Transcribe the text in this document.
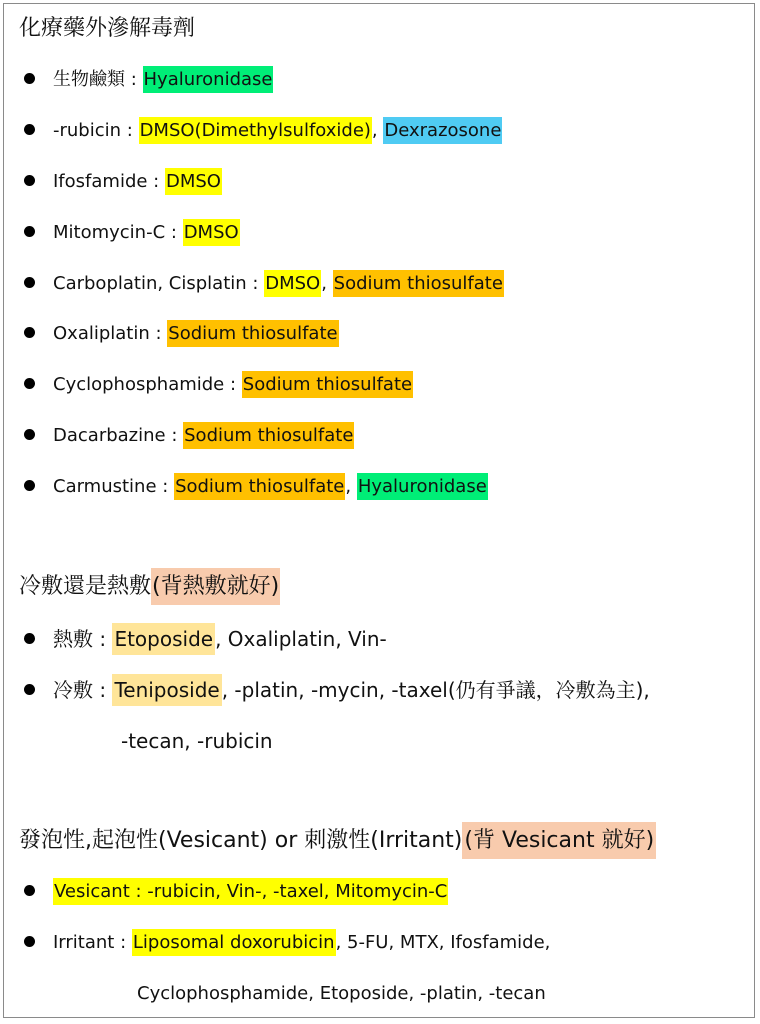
化療藥外滲解毒劑
生物鹼類 : Hyaluronidase
-rubicin : DMSO(Dimethylsulfoxide), Dexrazosone
Ifosfamide : DMSO
Mitomycin-C : DMSO
Carboplatin, Cisplatin : DMSO, Sodium thiosulfate
Oxaliplatin : Sodium thiosulfate
Cyclophosphamide : Sodium thiosulfate
Dacarbazine : Sodium thiosulfate
Carmustine : Sodium thiosulfate, Hyaluronidase
冷敷還是熱敷(背熱敷就好)
熱敷 : Etoposide , Oxaliplatin, Vin-
冷敷 : Teniposide , -platin, -mycin, -taxel(仍有爭議，冷敷為主),
-tecan, -rubicin
發泡性,起泡性(Vesicant) or 刺激性(Irritant)(背 Vesicant 就好)
Vesicant : -rubicin, Vin-, -taxel, Mitomycin-C
Irritant : Liposomal doxorubicin, 5-FU, MTX, Ifosfamide,
Cyclophosphamide, Etoposide, -platin, -tecan
